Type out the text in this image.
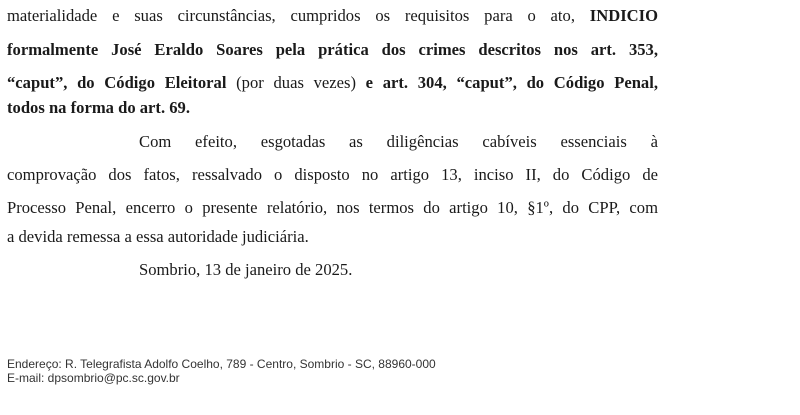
materialidade e suas circunstâncias, cumpridos os requisitos para o ato, INDICIO
formalmente José Eraldo Soares pela prática dos crimes descritos nos art. 353,
“caput”, do Código Eleitoral (por duas vezes) e art. 304, “caput”, do Código Penal,
todos na forma do art. 69.
Com efeito, esgotadas as diligências cabíveis essenciais à
comprovação dos fatos, ressalvado o disposto no artigo 13, inciso II, do Código de
Processo Penal, encerro o presente relatório, nos termos do artigo 10, §1º, do CPP, com
a devida remessa a essa autoridade judiciária.
Sombrio, 13 de janeiro de 2025.
Endereço: R. Telegrafista Adolfo Coelho, 789 - Centro, Sombrio - SC, 88960-000
E-mail: dpsombrio@pc.sc.gov.br
